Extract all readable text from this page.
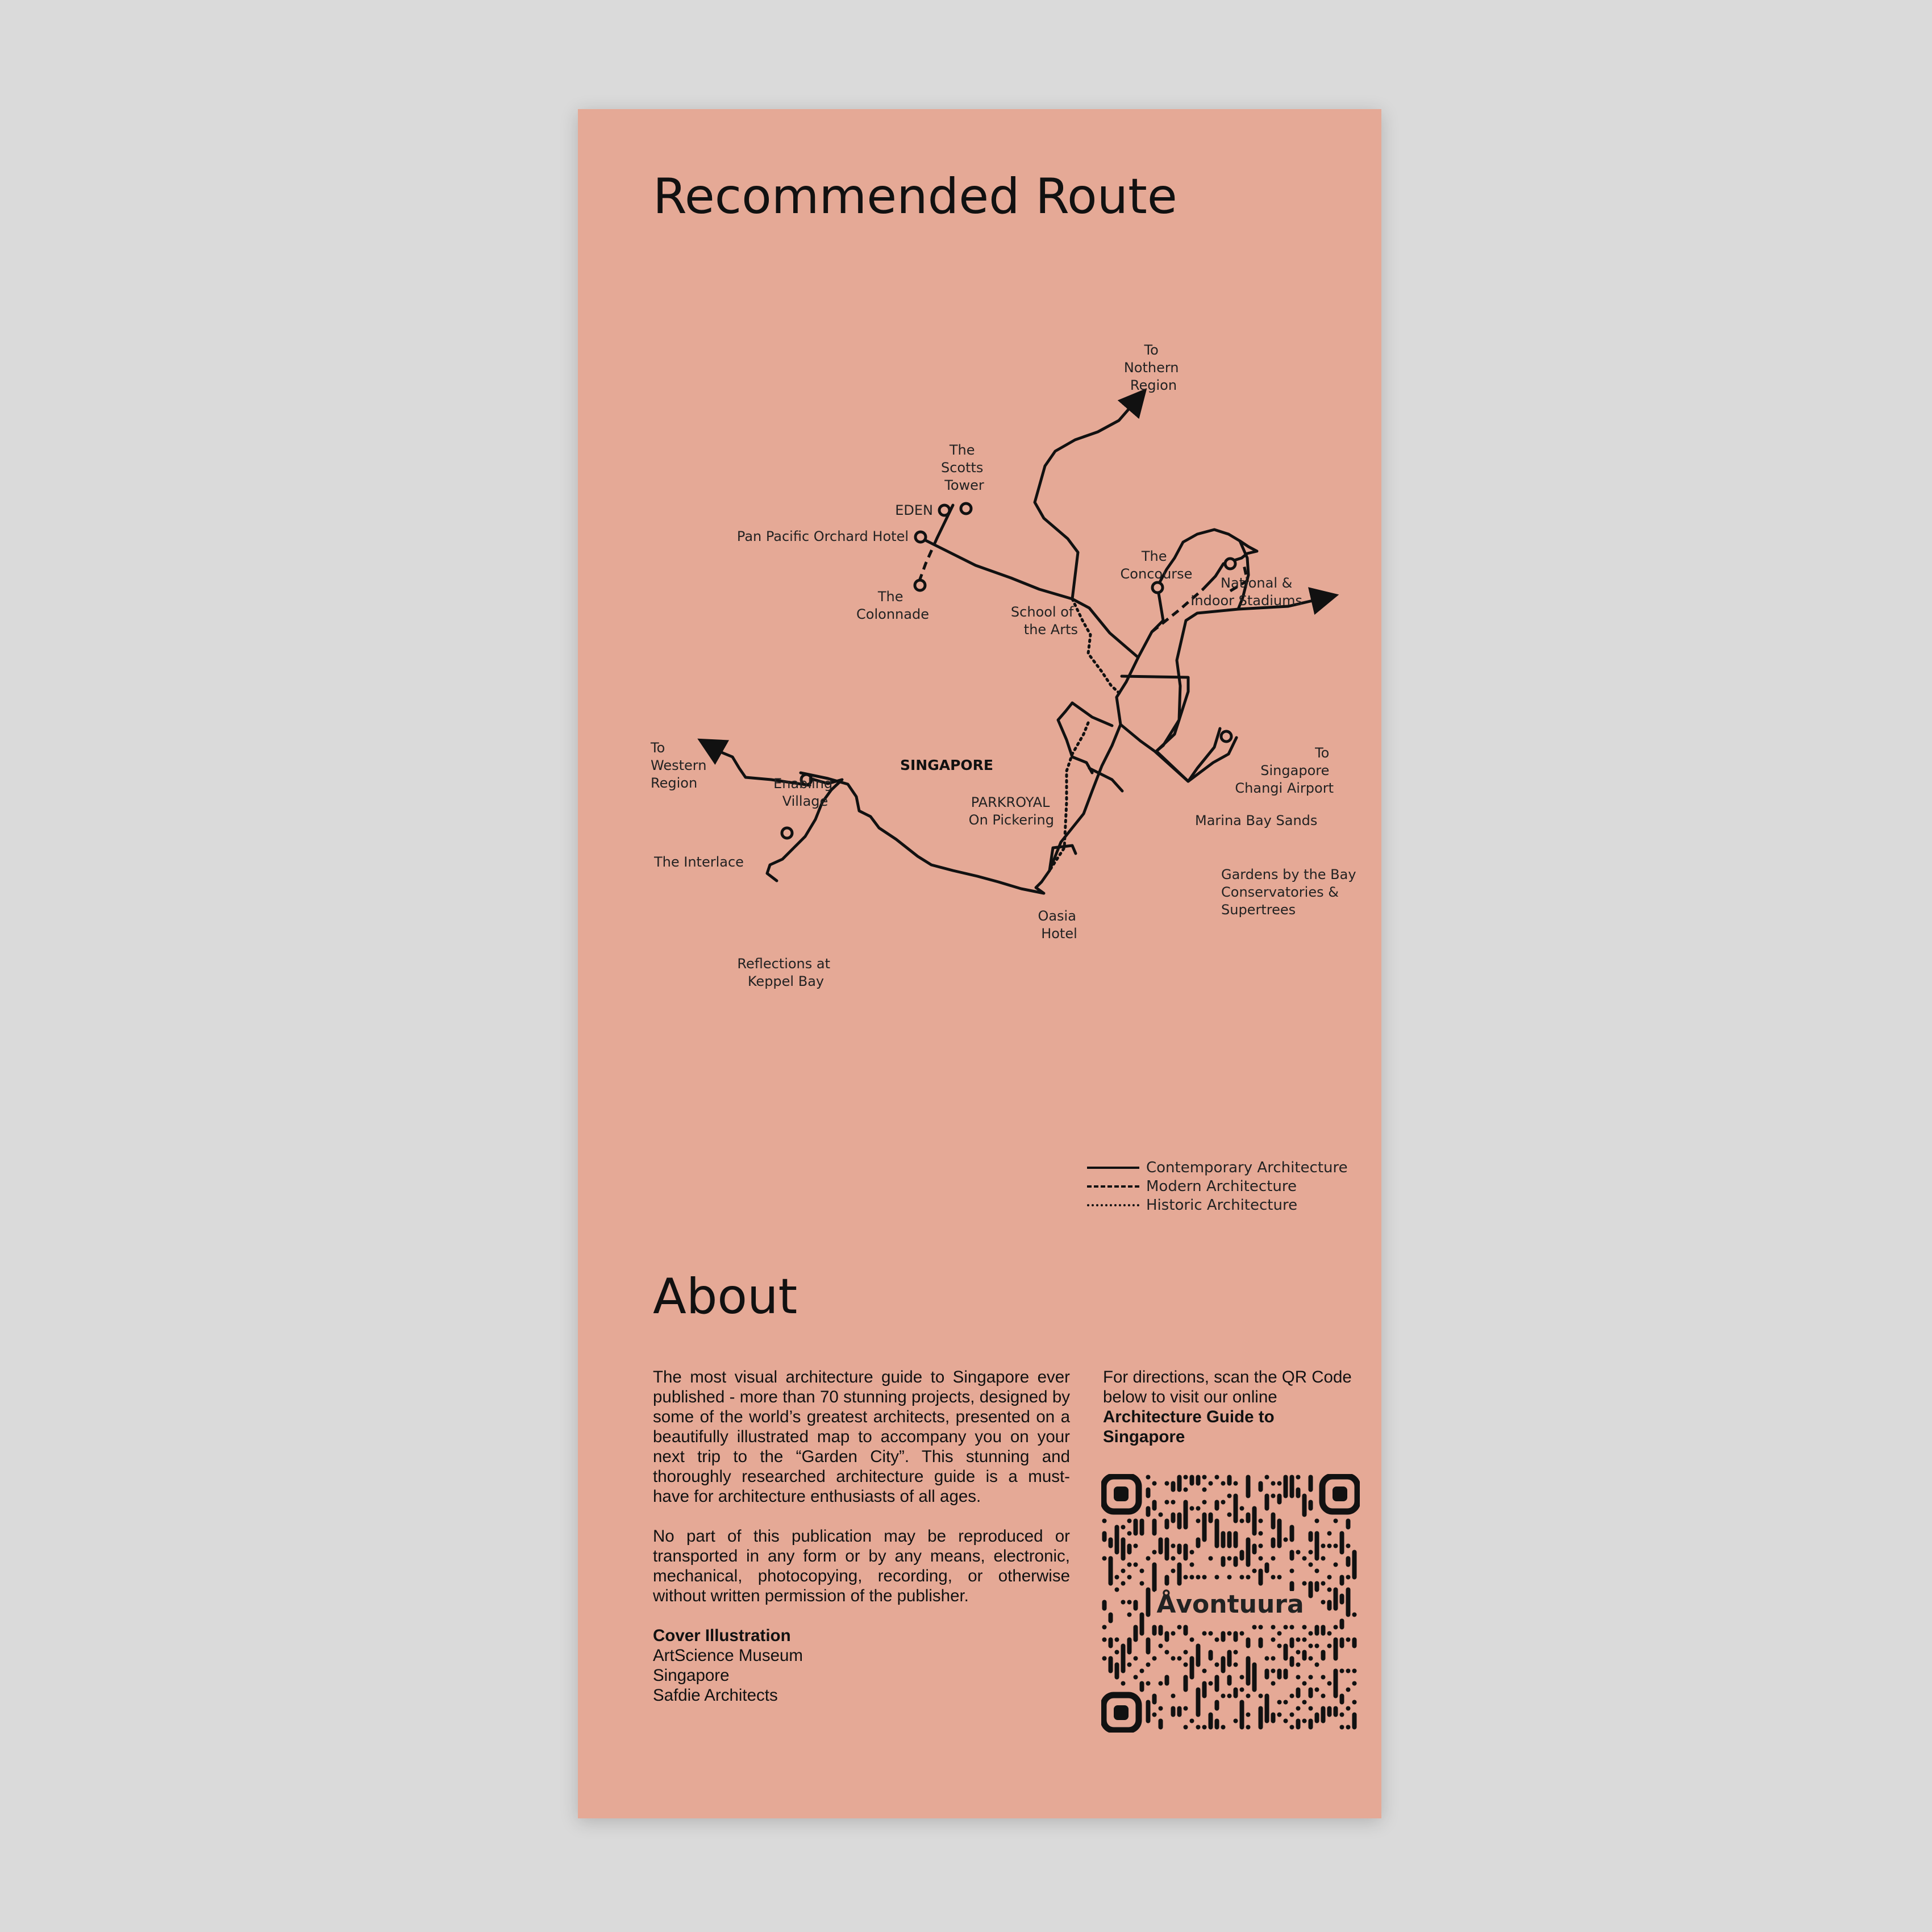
Recommended Route
To Nothern Region
The Scotts Tower
EDEN
Pan Pacific Orchard Hotel
The Colonnade	School of the Arts
The Concourse
National & Indoor Stadiums
To Singapore Changi Airport
To Western Region
SINGAPORE
Enabling Village	PARKROYAL On Pickering	Marina Bay Sands
The Interlace
Gardens by the Bay Conservatories & Supertrees
Oasia Hotel
Reflections at Keppel Bay
Contemporary Architecture
Modern Architecture
Historic Architecture
About

The most visual architecture guide to Singapore ever published - more than 70 stunning projects, designed by some of the world’s greatest architects, presented on a beautifully illustrated map to accompany you on your next trip to the “Garden City”. This stunning and thoroughly researched architecture guide is a must-have for architecture enthusiasts of all ages.

No part of this publication may be reproduced or transported in any form or by any means, electronic, mechanical, photocopying, recording, or otherwise without written permission of the publisher.

Cover Illustration
ArtScience Museum
Singapore
Safdie Architects
For directions, scan the QR Code below to visit our online
Architecture Guide to Singapore
Åvontuura
